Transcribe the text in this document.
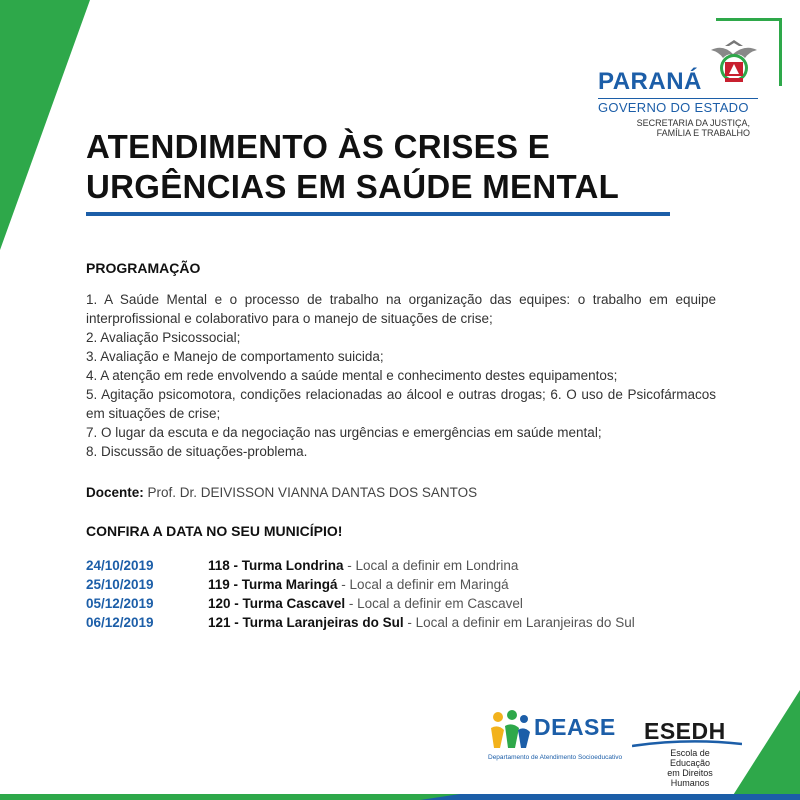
PARANÁ
GOVERNO DO ESTADO
SECRETARIA DA JUSTIÇA,
FAMÍLIA E TRABALHO
ATENDIMENTO ÀS CRISES E
URGÊNCIAS EM SAÚDE MENTAL
PROGRAMAÇÃO
1. A Saúde Mental e o processo de trabalho na organização das equipes: o trabalho em equipe interprofissional e colaborativo para o manejo de situações de crise;
2. Avaliação Psicossocial;
3. Avaliação e Manejo de comportamento suicida;
4. A atenção em rede envolvendo a saúde mental e conhecimento destes equipamentos;
5. Agitação psicomotora, condições relacionadas ao álcool e outras drogas; 6. O uso de Psicofármacos em situações de crise;
7. O lugar da escuta e da negociação nas urgências e emergências em saúde mental;
8. Discussão de situações-problema.
Docente: Prof. Dr. DEIVISSON VIANNA DANTAS DOS SANTOS
CONFIRA A DATA NO SEU MUNICÍPIO!
24/10/2019	118 - Turma Londrina - Local a definir em Londrina
25/10/2019	119 - Turma Maringá - Local a definir em Maringá
05/12/2019	120 - Turma Cascavel - Local a definir em Cascavel
06/12/2019	121 - Turma Laranjeiras do Sul - Local a definir em Laranjeiras do Sul
DEASE
Departamento de Atendimento Socioeducativo
ESEDH
Escola de Educação
em Direitos Humanos
